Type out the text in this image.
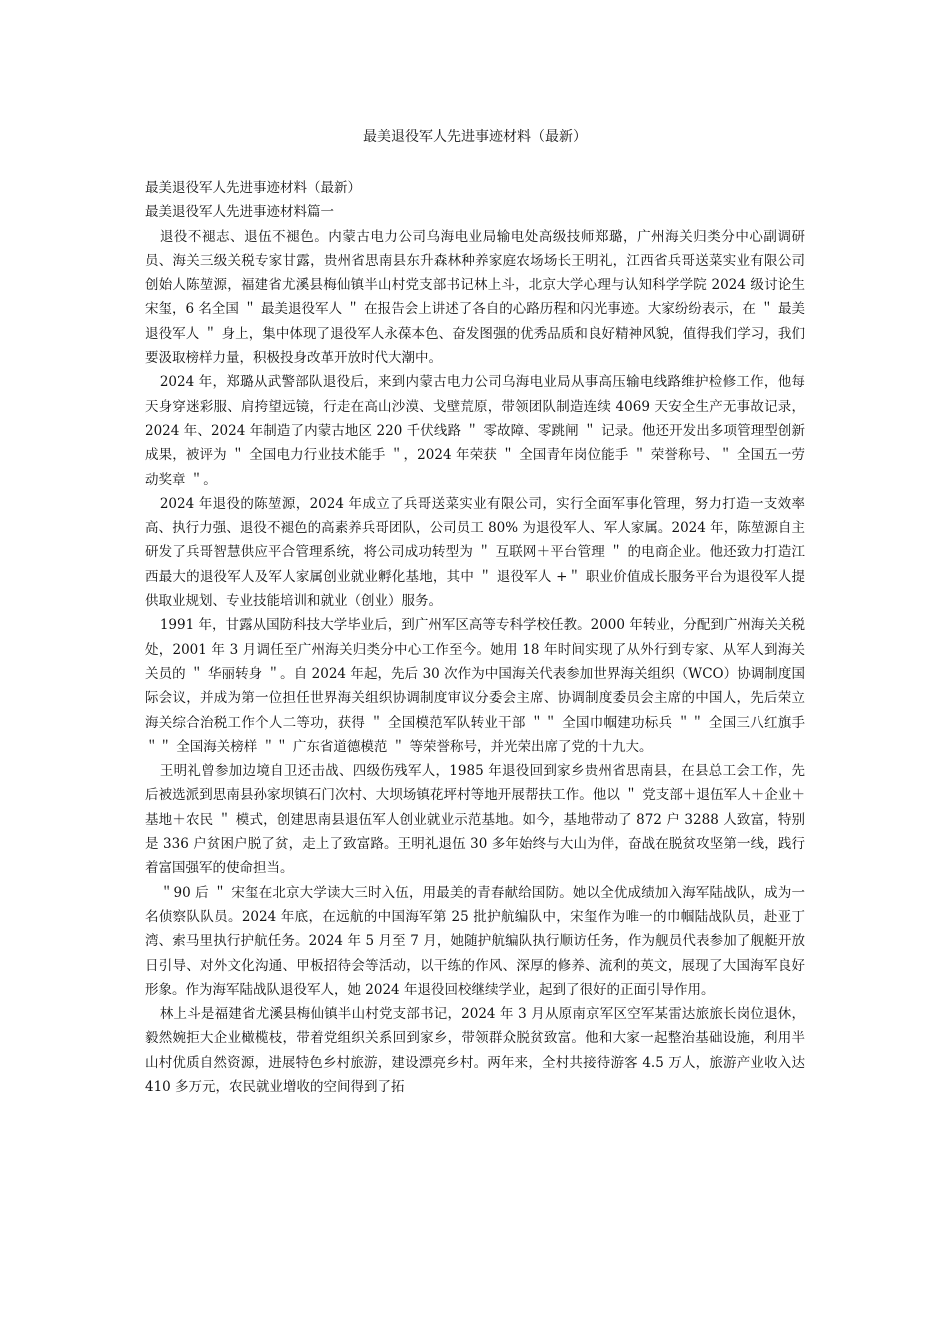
最美退役军人先进事迹材料（最新）

最美退役军人先进事迹材料（最新）

最美退役军人先进事迹材料篇一

退役不褪志、退伍不褪色。内蒙古电力公司乌海电业局输电处高级技师郑璐，广州海关归类分中心副调研员、海关三级关税专家甘露，贵州省思南县东升森林种养家庭农场场长王明礼，江西省兵哥送菜实业有限公司创始人陈堃源，福建省尤溪县梅仙镇半山村党支部书记林上斗，北京大学心理与认知科学学院 2024 级讨论生宋玺，6 名全国 ＂ 最美退役军人 ＂ 在报告会上讲述了各自的心路历程和闪光事迹。大家纷纷表示，在 ＂ 最美退役军人 ＂ 身上，集中体现了退役军人永葆本色、奋发图强的优秀品质和良好精神风貌，值得我们学习，我们要汲取榜样力量，积极投身改革开放时代大潮中。

2024 年，郑璐从武警部队退役后，来到内蒙古电力公司乌海电业局从事高压输电线路维护检修工作，他每天身穿迷彩服、肩挎望远镜，行走在高山沙漠、戈壁荒原，带领团队制造连续 4069 天安全生产无事故记录，2024 年、2024 年制造了内蒙古地区 220 千伏线路 ＂ 零故障、零跳闸 ＂ 记录。他还开发出多项管理型创新成果，被评为 ＂ 全国电力行业技术能手 ＂，2024 年荣获 ＂ 全国青年岗位能手 ＂ 荣誉称号、＂ 全国五一劳动奖章 ＂。

2024 年退役的陈堃源，2024 年成立了兵哥送菜实业有限公司，实行全面军事化管理，努力打造一支效率高、执行力强、退役不褪色的高素养兵哥团队，公司员工 80% 为退役军人、军人家属。2024 年，陈堃源自主研发了兵哥智慧供应平合管理系统，将公司成功转型为 ＂ 互联网＋平台管理 ＂ 的电商企业。他还致力打造江西最大的退役军人及军人家属创业就业孵化基地，其中 ＂ 退役军人 +＂ 职业价值成长服务平台为退役军人提供取业规划、专业技能培训和就业（创业）服务。

1991 年，甘露从国防科技大学毕业后，到广州军区高等专科学校任教。2000 年转业，分配到广州海关关税处，2001 年 3 月调任至广州海关归类分中心工作至今。她用 18 年时间实现了从外行到专家、从军人到海关关员的 ＂ 华丽转身 ＂。自 2024 年起，先后 30 次作为中国海关代表参加世界海关组织（WCO）协调制度国际会议，并成为第一位担任世界海关组织协调制度审议分委会主席、协调制度委员会主席的中国人，先后荣立海关综合治税工作个人二等功，获得 ＂ 全国模范军队转业干部 ＂＂ 全国巾帼建功标兵 ＂＂ 全国三八红旗手 ＂＂ 全国海关榜样 ＂＂ 广东省道德模范 ＂ 等荣誉称号，并光荣出席了党的十九大。

王明礼曾参加边境自卫还击战、四级伤残军人，1985 年退役回到家乡贵州省思南县，在县总工会工作，先后被选派到思南县孙家坝镇石门次村、大坝场镇花坪村等地开展帮扶工作。他以 ＂ 党支部＋退伍军人＋企业＋基地＋农民 ＂ 模式，创建思南县退伍军人创业就业示范基地。如今，基地带动了 872 户 3288 人致富，特别是 336 户贫困户脱了贫，走上了致富路。王明礼退伍 30 多年始终与大山为伴，奋战在脱贫攻坚第一线，践行着富国强军的使命担当。

＂90 后 ＂ 宋玺在北京大学读大三时入伍，用最美的青春献给国防。她以全优成绩加入海军陆战队，成为一名侦察队队员。2024 年底，在远航的中国海军第 25 批护航编队中，宋玺作为唯一的巾帼陆战队员，赴亚丁湾、索马里执行护航任务。2024 年 5 月至 7 月，她随护航编队执行顺访任务，作为舰员代表参加了舰艇开放日引导、对外文化沟通、甲板招待会等活动，以干练的作风、深厚的修养、流利的英文，展现了大国海军良好形象。作为海军陆战队退役军人，她 2024 年退役回校继续学业，起到了很好的正面引导作用。

林上斗是福建省尤溪县梅仙镇半山村党支部书记，2024 年 3 月从原南京军区空军某雷达旅旅长岗位退休，毅然婉拒大企业橄榄枝，带着党组织关系回到家乡，带领群众脱贫致富。他和大家一起整治基础设施，利用半山村优质自然资源，进展特色乡村旅游，建设漂亮乡村。两年来，全村共接待游客 4.5 万人，旅游产业收入达 410 多万元，农民就业增收的空间得到了拓
